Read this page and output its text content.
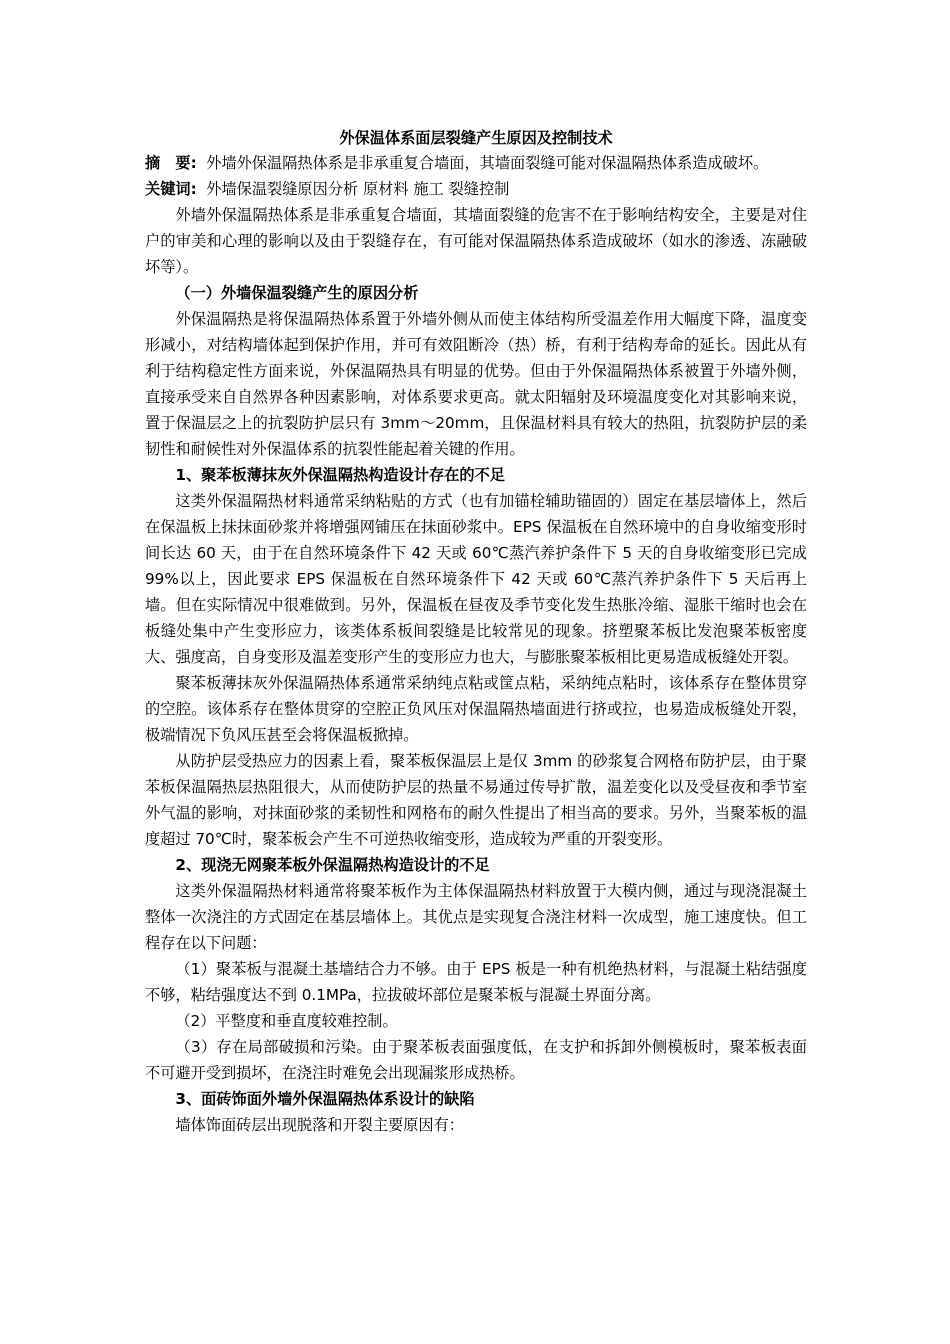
外保温体系面层裂缝产生原因及控制技术

摘　要: 外墙外保温隔热体系是非承重复合墙面，其墙面裂缝可能对保温隔热体系造成破坏。

关键词: 外墙保温裂缝原因分析 原材料 施工 裂缝控制

外墙外保温隔热体系是非承重复合墙面，其墙面裂缝的危害不在于影响结构安全，主要是对住户的审美和心理的影响以及由于裂缝存在，有可能对保温隔热体系造成破坏（如水的渗透、冻融破坏等）。

（一）外墙保温裂缝产生的原因分析

外保温隔热是将保温隔热体系置于外墙外侧从而使主体结构所受温差作用大幅度下降，温度变形减小，对结构墙体起到保护作用，并可有效阻断冷（热）桥，有利于结构寿命的延长。因此从有利于结构稳定性方面来说，外保温隔热具有明显的优势。但由于外保温隔热体系被置于外墙外侧，直接承受来自自然界各种因素影响，对体系要求更高。就太阳辐射及环境温度变化对其影响来说，置于保温层之上的抗裂防护层只有 3mm～20mm，且保温材料具有较大的热阻，抗裂防护层的柔韧性和耐候性对外保温体系的抗裂性能起着关键的作用。

1、聚苯板薄抹灰外保温隔热构造设计存在的不足

这类外保温隔热材料通常采纳粘贴的方式（也有加锚栓辅助锚固的）固定在基层墙体上，然后在保温板上抹抹面砂浆并将增强网铺压在抹面砂浆中。EPS 保温板在自然环境中的自身收缩变形时间长达 60 天，由于在自然环境条件下 42 天或 60℃蒸汽养护条件下 5 天的自身收缩变形已完成 99%以上，因此要求 EPS 保温板在自然环境条件下 42 天或 60℃蒸汽养护条件下 5 天后再上墙。但在实际情况中很难做到。另外，保温板在昼夜及季节变化发生热胀冷缩、湿胀干缩时也会在板缝处集中产生变形应力，该类体系板间裂缝是比较常见的现象。挤塑聚苯板比发泡聚苯板密度大、强度高，自身变形及温差变形产生的变形应力也大，与膨胀聚苯板相比更易造成板缝处开裂。

聚苯板薄抹灰外保温隔热体系通常采纳纯点粘或筐点粘，采纳纯点粘时，该体系存在整体贯穿的空腔。该体系存在整体贯穿的空腔正负风压对保温隔热墙面进行挤或拉，也易造成板缝处开裂，极端情况下负风压甚至会将保温板掀掉。

从防护层受热应力的因素上看，聚苯板保温层上是仅 3mm 的砂浆复合网格布防护层，由于聚苯板保温隔热层热阻很大，从而使防护层的热量不易通过传导扩散，温差变化以及受昼夜和季节室外气温的影响，对抹面砂浆的柔韧性和网格布的耐久性提出了相当高的要求。另外，当聚苯板的温度超过 70℃时，聚苯板会产生不可逆热收缩变形，造成较为严重的开裂变形。

2、现浇无网聚苯板外保温隔热构造设计的不足

这类外保温隔热材料通常将聚苯板作为主体保温隔热材料放置于大模内侧，通过与现浇混凝土整体一次浇注的方式固定在基层墙体上。其优点是实现复合浇注材料一次成型，施工速度快。但工程存在以下问题：

（1）聚苯板与混凝土基墙结合力不够。由于 EPS 板是一种有机绝热材料，与混凝土粘结强度不够，粘结强度达不到 0.1MPa，拉拔破坏部位是聚苯板与混凝土界面分离。

（2）平整度和垂直度较难控制。

（3）存在局部破损和污染。由于聚苯板表面强度低，在支护和拆卸外侧模板时，聚苯板表面不可避开受到损坏，在浇注时难免会出现漏浆形成热桥。

3、面砖饰面外墙外保温隔热体系设计的缺陷

墙体饰面砖层出现脱落和开裂主要原因有：
